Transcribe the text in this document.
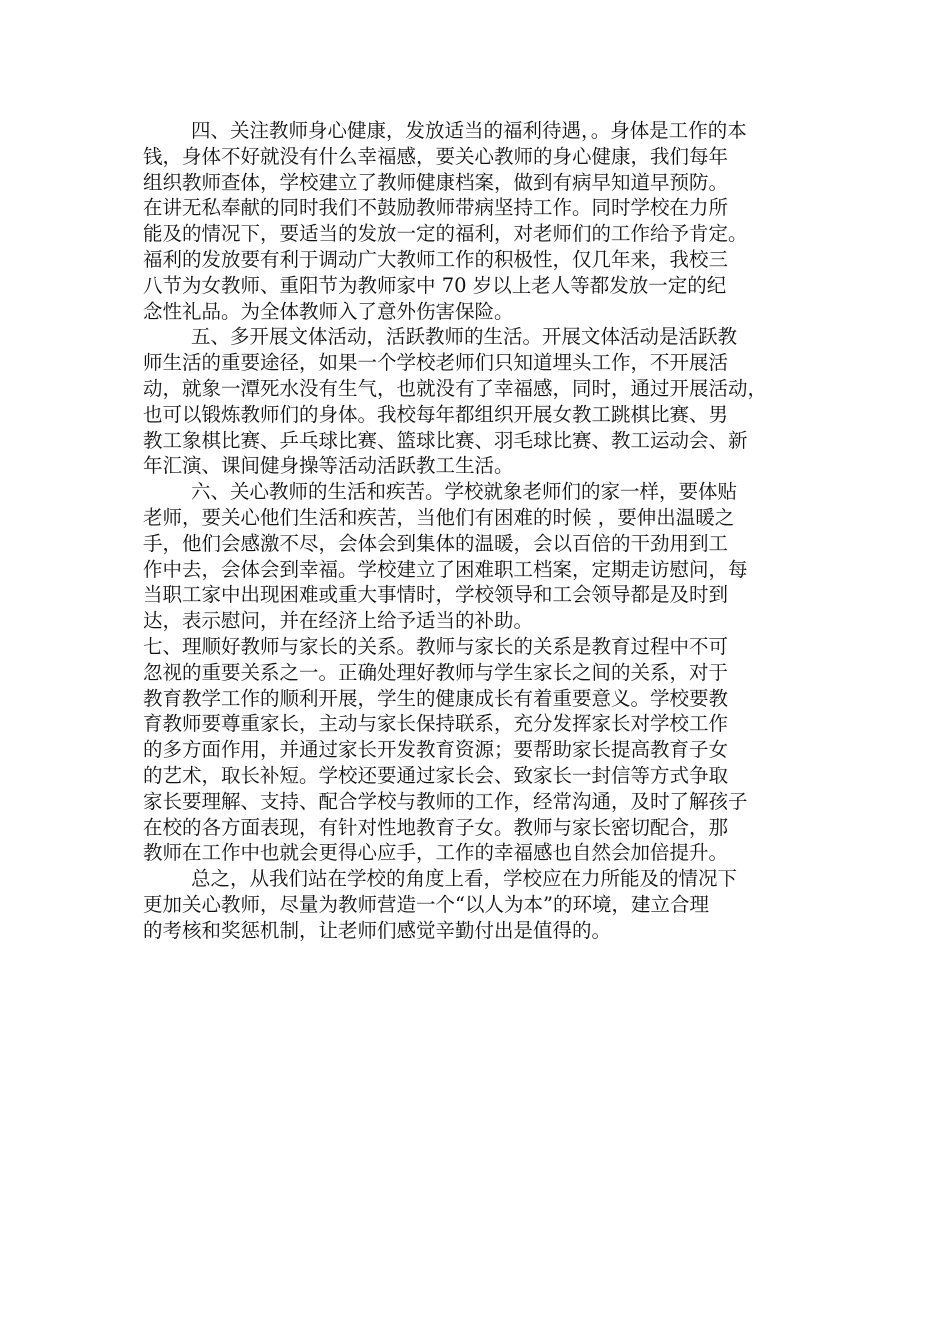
四、关注教师身心健康，发放适当的福利待遇，。身体是工作的本
钱，身体不好就没有什么幸福感，要关心教师的身心健康，我们每年
组织教师查体，学校建立了教师健康档案，做到有病早知道早预防。
在讲无私奉献的同时我们不鼓励教师带病坚持工作。同时学校在力所
能及的情况下，要适当的发放一定的福利，对老师们的工作给予肯定。
福利的发放要有利于调动广大教师工作的积极性，仅几年来，我校三
八节为女教师、重阳节为教师家中 70 岁以上老人等都发放一定的纪
念性礼品。为全体教师入了意外伤害保险。
五、多开展文体活动，活跃教师的生活。开展文体活动是活跃教
师生活的重要途径，如果一个学校老师们只知道埋头工作，不开展活
动，就象一潭死水没有生气，也就没有了幸福感，同时，通过开展活动，
也可以锻炼教师们的身体。我校每年都组织开展女教工跳棋比赛、男
教工象棋比赛、乒乓球比赛、篮球比赛、羽毛球比赛、教工运动会、新
年汇演、课间健身操等活动活跃教工生活。
六、关心教师的生活和疾苦。学校就象老师们的家一样，要体贴
老师，要关心他们生活和疾苦，当他们有困难的时候 ，要伸出温暖之
手，他们会感激不尽，会体会到集体的温暖，会以百倍的干劲用到工
作中去，会体会到幸福。学校建立了困难职工档案，定期走访慰问，每
当职工家中出现困难或重大事情时，学校领导和工会领导都是及时到
达，表示慰问，并在经济上给予适当的补助。
七、理顺好教师与家长的关系。教师与家长的关系是教育过程中不可
忽视的重要关系之一。正确处理好教师与学生家长之间的关系，对于
教育教学工作的顺利开展，学生的健康成长有着重要意义。学校要教
育教师要尊重家长，主动与家长保持联系，充分发挥家长对学校工作
的多方面作用，并通过家长开发教育资源；要帮助家长提高教育子女
的艺术，取长补短。学校还要通过家长会、致家长一封信等方式争取
家长要理解、支持、配合学校与教师的工作，经常沟通，及时了解孩子
在校的各方面表现，有针对性地教育子女。教师与家长密切配合，那
教师在工作中也就会更得心应手，工作的幸福感也自然会加倍提升。
总之，从我们站在学校的角度上看，学校应在力所能及的情况下
更加关心教师，尽量为教师营造一个“以人为本”的环境，建立合理
的考核和奖惩机制，让老师们感觉辛勤付出是值得的。
